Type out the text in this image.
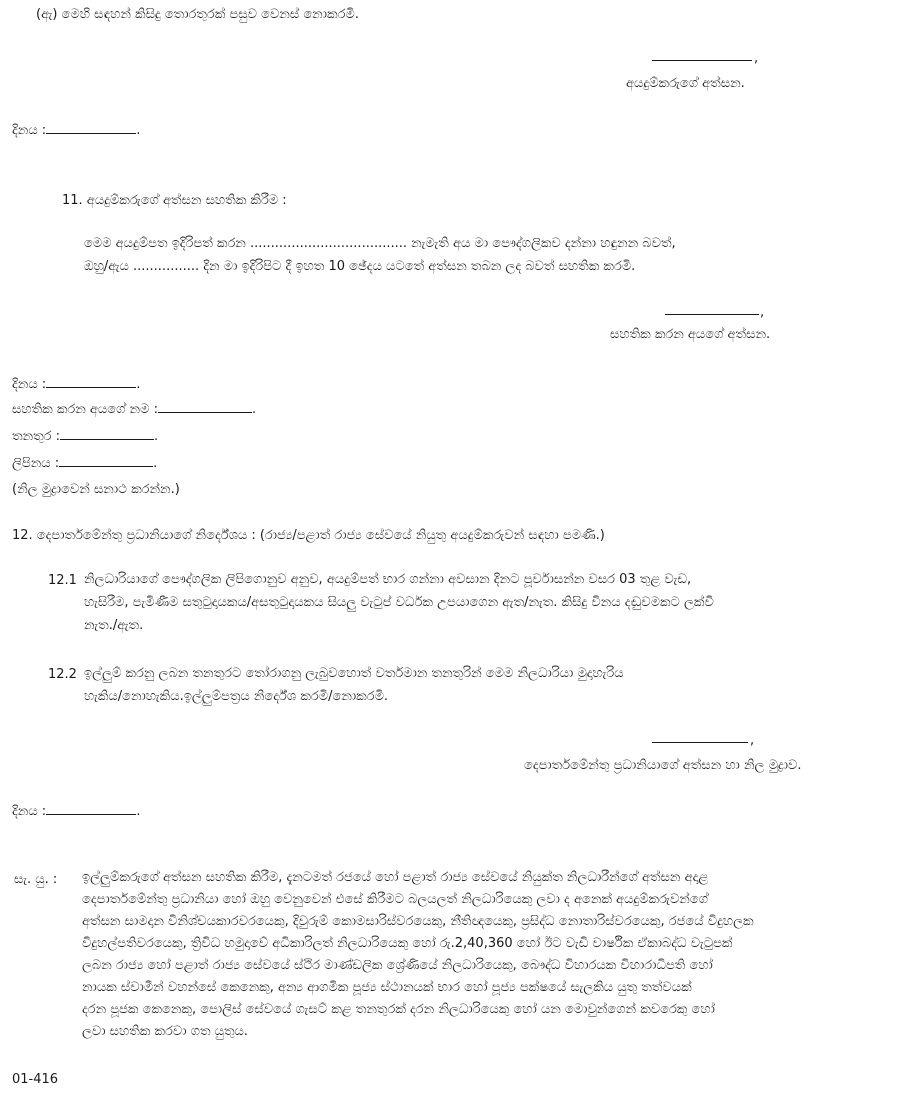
(ඇ) මෙහි සඳහන් කිසිදු තොරතුරක් පසුව වෙනස් නොකරමි.
,
අයදුම්කරුගේ අත්සන.
දිනය :	.
11. අයදුම්කරුගේ අත්සන සහතික කිරීම :
මෙම අයදුම්පත ඉදිරිපත් කරන ...................................... නැමැති අය මා පෞද්ගලිකව දන්නා හඳුනන බවත්,
ඔහු/ඇය ................ දින මා ඉදිරිපිට දී ඉහත 10 ඡේදය යටතේ අත්සන තබන ලද බවත් සහතික කරමි.
,
සහතික කරන අයගේ අත්සන.
දිනය :	.
සහතික කරන අයගේ නම :	.
තනතුර :	.
ලිපිනය :	.
(නිල මුද්‍රාවෙන් සනාථ කරන්න.)
12. දෙපාර්තමේන්තු ප්‍රධානියාගේ නිර්දේශය : (රාජ්‍ය/පළාත් රාජ්‍ය සේවයේ නියුතු අයදුම්කරුවන් සඳහා පමණි.)
12.1 නිලධාරියාගේ පෞද්ගලික ලිපිගොනුව අනුව, අයදුම්පත් භාර ගන්නා අවසාන දිනට පූර්වාසන්න වසර 03 තුළ වැඩ,
හැසිරීම, පැමිණීම සතුටුදායකය/අසතුටුදායකය සියලු වැටුප් වර්ධක උපයාගෙන ඇත/නැත. කිසිදු විනය දඬුවමකට ලක්වී
නැත./ඇත.
12.2 ඉල්ලුම් කරනු ලබන තනතුරට තෝරාගනු ලැබුවහොත් වර්තමාන තනතුරින් මෙම නිලධාරියා මුදාහැරිය
හැකිය/නොහැකිය.ඉල්ලුම්පත්‍රය නිර්දේශ කරමි/නොකරමි.
,
දෙපාර්තමේන්තු ප්‍රධානියාගේ අත්සන හා නිල මුද්‍රාව.
දිනය :	.
සැ. යු. : ඉල්ලුම්කරුගේ අත්සන සහතික කිරීම, දැනටමත් රජයේ හෝ පළාත් රාජ්‍ය සේවයේ නියුක්ත නිලධාරීන්ගේ අත්සන අදාළ
දෙපාර්තමේන්තු ප්‍රධානියා හෝ ඔහු වෙනුවෙන් එසේ කිරීමට බලයලත් නිලධාරියෙකු ලවා ද අනෙක් අයදුම්කරුවන්ගේ
අත්සන සාමදාන විනිශ්චයකාරවරයෙකු, දිවුරුම් කොමසාරිස්වරයෙකු, නීතිඥයෙකු, ප්‍රසිද්ධ නොතාරිස්වරයෙකු, රජයේ විදුහලක
විදුහල්පතිවරයෙකු, ත්‍රිවිධ හමුදාවේ අධිකාරිලත් නිලධාරියෙකු හෝ රු.2,40,360 හෝ ඊට වැඩි වාර්ෂික ඒකාබද්ධ වැටුපක්
ලබන රාජ්‍ය හෝ පළාත් රාජ්‍ය සේවයේ ස්ථිර මාණ්ඩලික ශ්‍රේණියේ නිලධාරියෙකු, බෞද්ධ විහාරයක විහාරාධිපති හෝ
නායක ස්වාමීන් වහන්සේ කෙනෙකු, අන්‍ය ආගමික පූජ්‍ය ස්ථානයක් භාර හෝ පූජ්‍ය පක්ෂයේ සැලකිය යුතු තත්වයක්
දරන පූජක කෙනෙකු, පොලිස් සේවයේ ගැසට් කළ තනතුරක් දරන නිලධාරියෙකු හෝ යන මොවුන්ගෙන් කවරෙකු හෝ
ලවා සහතික කරවා ගත යුතුය.
01-416
